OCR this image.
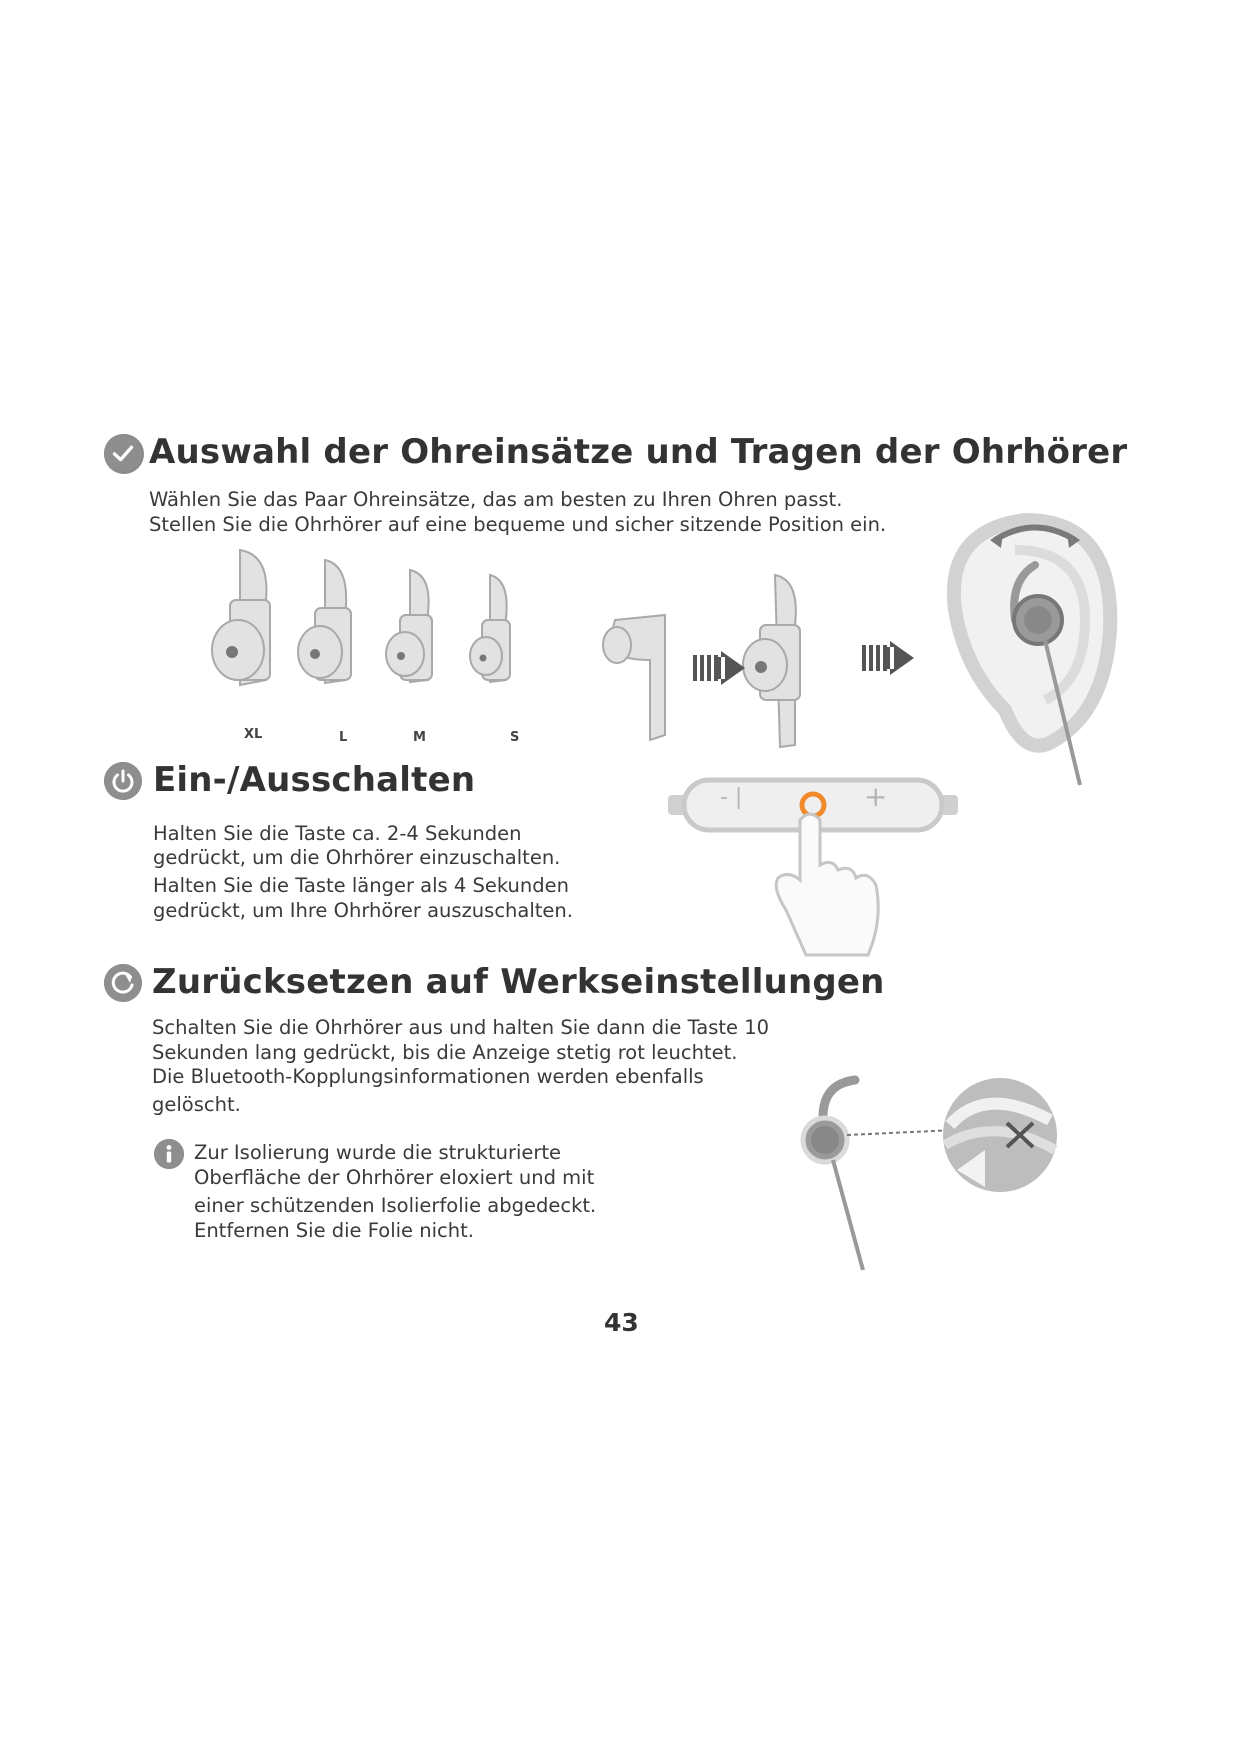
Auswahl der Ohreinsätze und Tragen der Ohrhörer
Wählen Sie das Paar Ohreinsätze, das am besten zu Ihren Ohren passt.
Stellen Sie die Ohrhörer auf eine bequeme und sicher sitzende Position ein.
XL	L	M	S
Ein-/Ausschalten
Halten Sie die Taste ca. 2-4 Sekunden
gedrückt, um die Ohrhörer einzuschalten.
Halten Sie die Taste länger als 4 Sekunden
gedrückt, um Ihre Ohrhörer auszuschalten.
- |	+
Zurücksetzen auf Werkseinstellungen
Schalten Sie die Ohrhörer aus und halten Sie dann die Taste 10
Sekunden lang gedrückt, bis die Anzeige stetig rot leuchtet.
Die Bluetooth-Kopplungsinformationen werden ebenfalls
gelöscht.
Zur Isolierung wurde die strukturierte
Oberfläche der Ohrhörer eloxiert und mit
einer schützenden Isolierfolie abgedeckt.
Entfernen Sie die Folie nicht.
43
